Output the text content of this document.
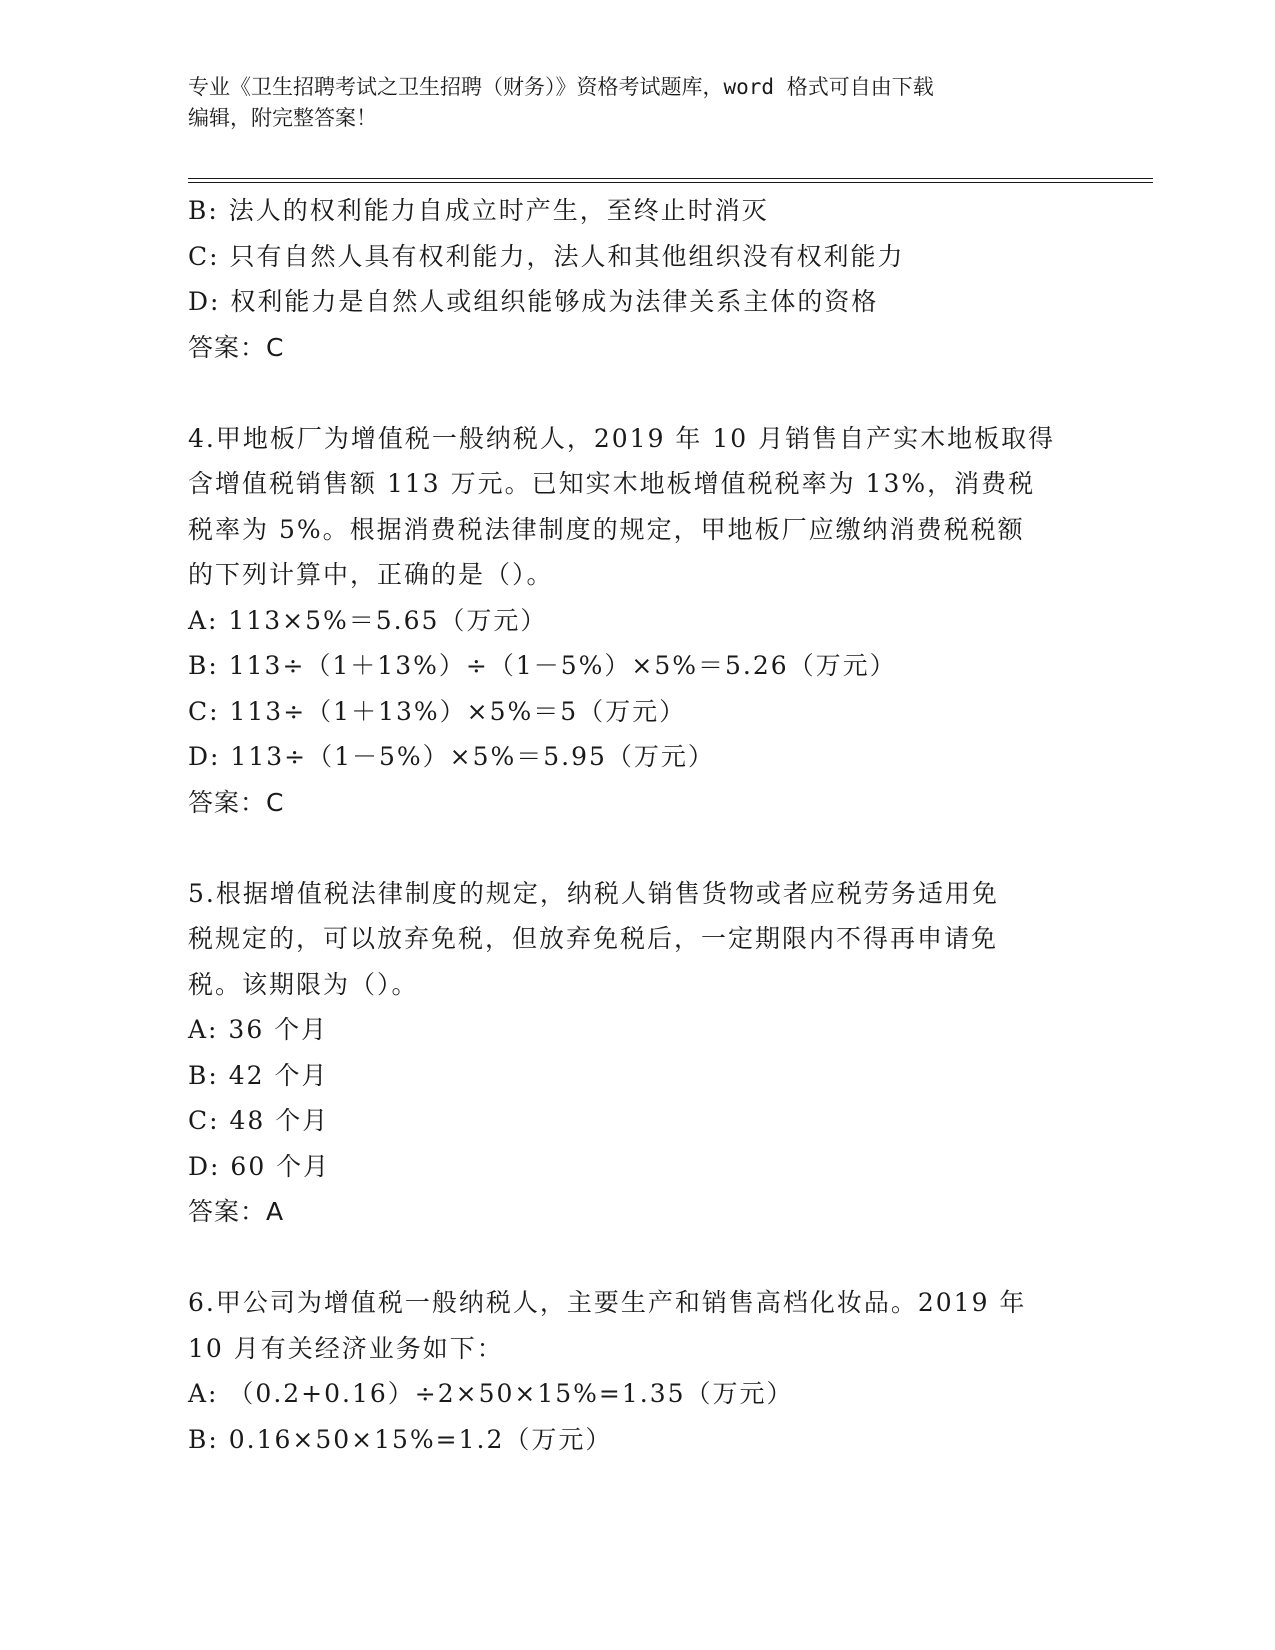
专业《卫生招聘考试之卫生招聘（财务）》资格考试题库，word 格式可自由下载
编辑，附完整答案！
B: 法人的权利能力自成立时产生，至终止时消灭
C: 只有自然人具有权利能力，法人和其他组织没有权利能力
D: 权利能力是自然人或组织能够成为法律关系主体的资格
答案：C
4.甲地板厂为增值税一般纳税人，2019 年 10 月销售自产实木地板取得
含增值税销售额 113 万元。已知实木地板增值税税率为 13%，消费税
税率为 5%。根据消费税法律制度的规定，甲地板厂应缴纳消费税税额
的下列计算中，正确的是（）。
A: 113×5%＝5.65（万元）
B: 113÷（1＋13%）÷（1－5%）×5%＝5.26（万元）
C: 113÷（1＋13%）×5%＝5（万元）
D: 113÷（1－5%）×5%＝5.95（万元）
答案：C
5.根据增值税法律制度的规定，纳税人销售货物或者应税劳务适用免
税规定的，可以放弃免税，但放弃免税后，一定期限内不得再申请免
税。该期限为（）。
A: 36 个月
B: 42 个月
C: 48 个月
D: 60 个月
答案：A
6.甲公司为增值税一般纳税人，主要生产和销售高档化妆品。2019 年
10 月有关经济业务如下：
A: （0.2+0.16）÷2×50×15%=1.35（万元）
B: 0.16×50×15%=1.2（万元）
